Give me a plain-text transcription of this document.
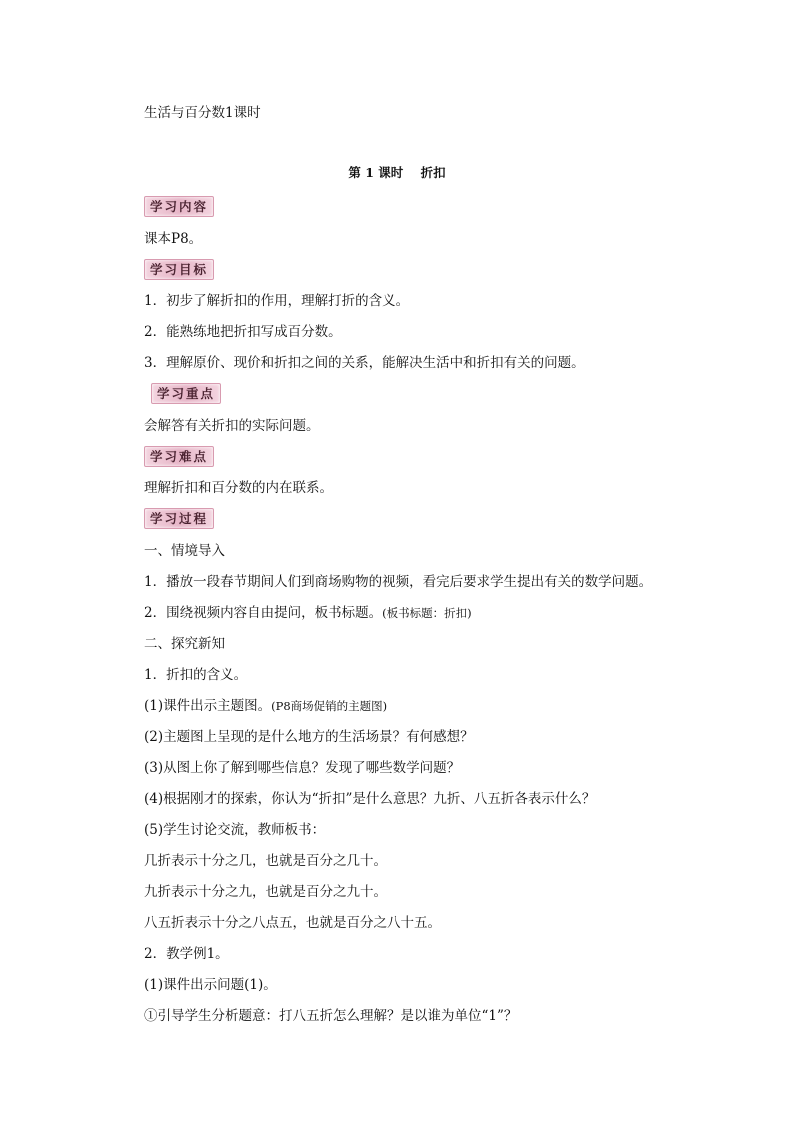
生活与百分数1课时
第 1 课时    折扣
学习内容
课本P8。
学习目标
1．初步了解折扣的作用，理解打折的含义。
2．能熟练地把折扣写成百分数。
3．理解原价、现价和折扣之间的关系，能解决生活中和折扣有关的问题。
学习重点
会解答有关折扣的实际问题。
学习难点
理解折扣和百分数的内在联系。
学习过程
一、情境导入
1．播放一段春节期间人们到商场购物的视频，看完后要求学生提出有关的数学问题。
2．围绕视频内容自由提问，板书标题。(板书标题：折扣)
二、探究新知
1．折扣的含义。
(1)课件出示主题图。(P8商场促销的主题图)
(2)主题图上呈现的是什么地方的生活场景？有何感想？
(3)从图上你了解到哪些信息？发现了哪些数学问题？
(4)根据刚才的探索，你认为“折扣”是什么意思？九折、八五折各表示什么？
(5)学生讨论交流，教师板书：
几折表示十分之几，也就是百分之几十。
九折表示十分之九，也就是百分之九十。
八五折表示十分之八点五，也就是百分之八十五。
2．教学例1。
(1)课件出示问题(1)。
①引导学生分析题意：打八五折怎么理解？是以谁为单位“1”？
